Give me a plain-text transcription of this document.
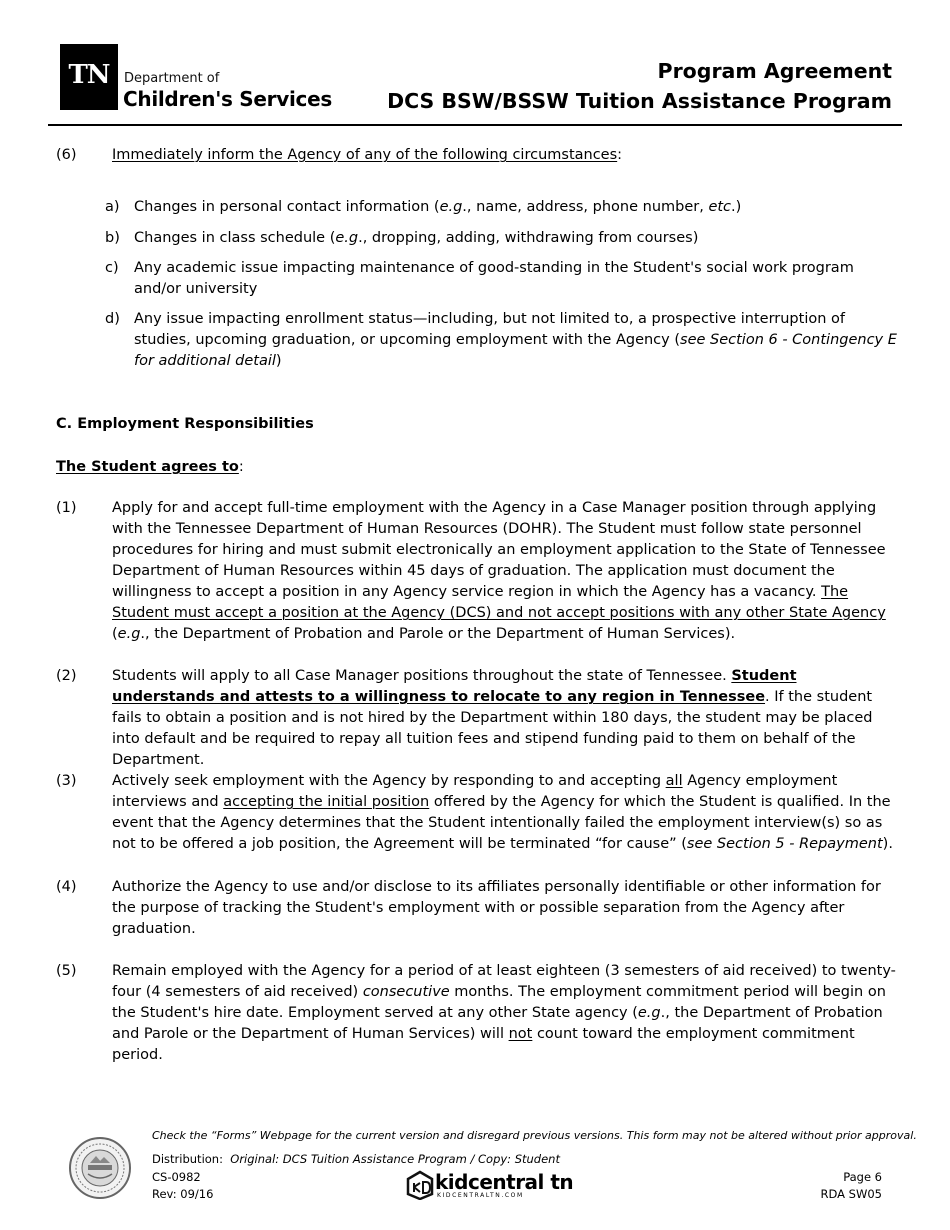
TN	Department of
Children's Services
Program Agreement
DCS BSW/BSSW Tuition Assistance Program
(6) Immediately inform the Agency of any of the following circumstances:
a) Changes in personal contact information (e.g., name, address, phone number, etc.)
b) Changes in class schedule (e.g., dropping, adding, withdrawing from courses)
c) Any academic issue impacting maintenance of good-standing in the Student's social work program and/or university
d) Any issue impacting enrollment status—including, but not limited to, a prospective interruption of studies, upcoming graduation, or upcoming employment with the Agency (see Section 6 - Contingency E for additional detail)
C. Employment Responsibilities
The Student agrees to:
(1) Apply for and accept full-time employment with the Agency in a Case Manager position through applying with the Tennessee Department of Human Resources (DOHR). The Student must follow state personnel procedures for hiring and must submit electronically an employment application to the State of Tennessee Department of Human Resources within 45 days of graduation. The application must document the willingness to accept a position in any Agency service region in which the Agency has a vacancy. The Student must accept a position at the Agency (DCS) and not accept positions with any other State Agency (e.g., the Department of Probation and Parole or the Department of Human Services).
(2) Students will apply to all Case Manager positions throughout the state of Tennessee. Student understands and attests to a willingness to relocate to any region in Tennessee. If the student fails to obtain a position and is not hired by the Department within 180 days, the student may be placed into default and be required to repay all tuition fees and stipend funding paid to them on behalf of the Department.
(3) Actively seek employment with the Agency by responding to and accepting all Agency employment interviews and accepting the initial position offered by the Agency for which the Student is qualified. In the event that the Agency determines that the Student intentionally failed the employment interview(s) so as not to be offered a job position, the Agreement will be terminated “for cause” (see Section 5 - Repayment).
(4) Authorize the Agency to use and/or disclose to its affiliates personally identifiable or other information for the purpose of tracking the Student's employment with or possible separation from the Agency after graduation.
(5) Remain employed with the Agency for a period of at least eighteen (3 semesters of aid received) to twenty-four (4 semesters of aid received) consecutive months. The employment commitment period will begin on the Student's hire date. Employment served at any other State agency (e.g., the Department of Probation and Parole or the Department of Human Services) will not count toward the employment commitment period.
Check the “Forms” Webpage for the current version and disregard previous versions. This form may not be altered without prior approval.
Distribution: Original: DCS Tuition Assistance Program / Copy: Student
CS-0982
Rev: 09/16
Page 6
RDA SW05
kidcentral tn
KIDCENTRALTN.COM
